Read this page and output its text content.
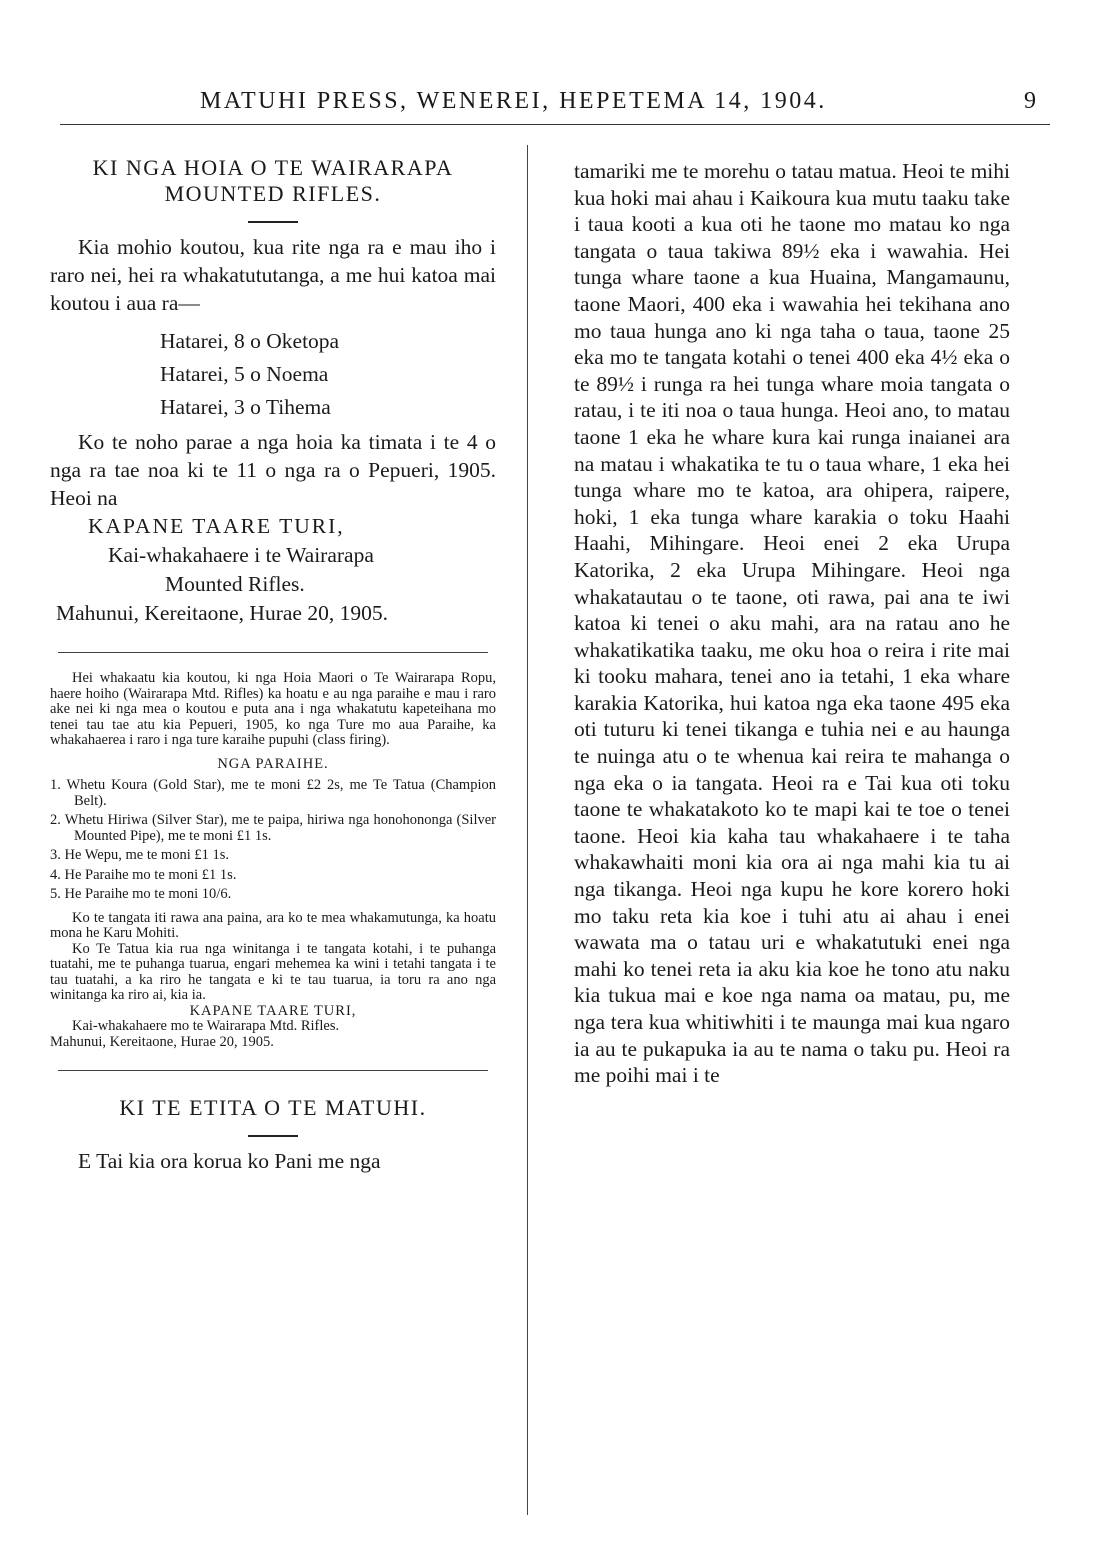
MATUHI PRESS, WENEREI, HEPETEMA 14, 1904.	9
KI NGA HOIA O TE WAIRARAPA
MOUNTED RIFLES.

Kia mohio koutou, kua rite nga ra e mau iho i raro nei, hei ra whakatututanga, a me hui katoa mai koutou i aua ra—

Hatarei, 8 o Oketopa
Hatarei, 5 o Noema
Hatarei, 3 o Tihema

Ko te noho parae a nga hoia ka timata i te 4 o nga ra tae noa ki te 11 o nga ra o Pepueri, 1905. Heoi na

KAPANE TAARE TURI,
Kai-whakahaere i te Wairarapa
Mounted Rifles.
Mahunui, Kereitaone, Hurae 20, 1905.

Hei whakaatu kia koutou, ki nga Hoia Maori o Te Wairarapa Ropu, haere hoiho (Wairarapa Mtd. Rifles) ka hoatu e au nga paraihe e mau i raro ake nei ki nga mea o koutou e puta ana i nga whakatutu kapeteihana mo tenei tau tae atu kia Pepueri, 1905, ko nga Ture mo aua Paraihe, ka whakahaerea i raro i nga ture karaihe pupuhi (class firing).

NGA PARAIHE.
1. Whetu Koura (Gold Star), me te moni £2 2s, me Te Tatua (Champion Belt).
2. Whetu Hiriwa (Silver Star), me te paipa, hiriwa nga honohononga (Silver Mounted Pipe), me te moni £1 1s.
3. He Wepu, me te moni £1 1s.
4. He Paraihe mo te moni £1 1s.
5. He Paraihe mo te moni 10/6.

Ko te tangata iti rawa ana paina, ara ko te mea whakamutunga, ka hoatu mona he Karu Mohiti.

Ko Te Tatua kia rua nga winitanga i te tangata kotahi, i te puhanga tuatahi, me te puhanga tuarua, engari mehemea ka wini i tetahi tangata i te tau tuatahi, a ka riro he tangata e ki te tau tuarua, ia toru ra ano nga winitanga ka riro ai, kia ia.

KAPANE TAARE TURI,
Kai-whakahaere mo te Wairarapa Mtd. Rifles.
Mahunui, Kereitaone, Hurae 20, 1905.
KI TE ETITA O TE MATUHI.

E Tai kia ora korua ko Pani me nga

tamariki me te morehu o tatau matua. Heoi te mihi kua hoki mai ahau i Kaikoura kua mutu taaku take i taua kooti a kua oti he taone mo matau ko nga tangata o taua takiwa 89½ eka i wawahia. Hei tunga whare taone a kua Huaina, Mangamaunu, taone Maori, 400 eka i wawahia hei tekihana ano mo taua hunga ano ki nga taha o taua, taone 25 eka mo te tangata kotahi o tenei 400 eka 4½ eka o te 89½ i runga ra hei tunga whare moia tangata o ratau, i te iti noa o taua hunga. Heoi ano, to matau taone 1 eka he whare kura kai runga inaianei ara na matau i whakatika te tu o taua whare, 1 eka hei tunga whare mo te katoa, ara ohipera, raipere, hoki, 1 eka tunga whare karakia o toku Haahi Haahi, Mihingare. Heoi enei 2 eka Urupa Katorika, 2 eka Urupa Mihingare. Heoi nga whakatautau o te taone, oti rawa, pai ana te iwi katoa ki tenei o aku mahi, ara na ratau ano he whakatikatika taaku, me oku hoa o reira i rite mai ki tooku mahara, tenei ano ia tetahi, 1 eka whare karakia Katorika, hui katoa nga eka taone 495 eka oti tuturu ki tenei tikanga e tuhia nei e au haunga te nuinga atu o te whenua kai reira te mahanga o nga eka o ia tangata. Heoi ra e Tai kua oti toku taone te whakatakoto ko te mapi kai te toe o tenei taone. Heoi kia kaha tau whakahaere i te taha whakawhaiti moni kia ora ai nga mahi kia tu ai nga tikanga. Heoi nga kupu he kore korero hoki mo taku reta kia koe i tuhi atu ai ahau i enei wawata ma o tatau uri e whakatutuki enei nga mahi ko tenei reta ia aku kia koe he tono atu naku kia tukua mai e koe nga nama oa matau, pu, me nga tera kua whitiwhiti i te maunga mai kua ngaro ia au te pukapuka ia au te nama o taku pu. Heoi ra me poihi mai i te
